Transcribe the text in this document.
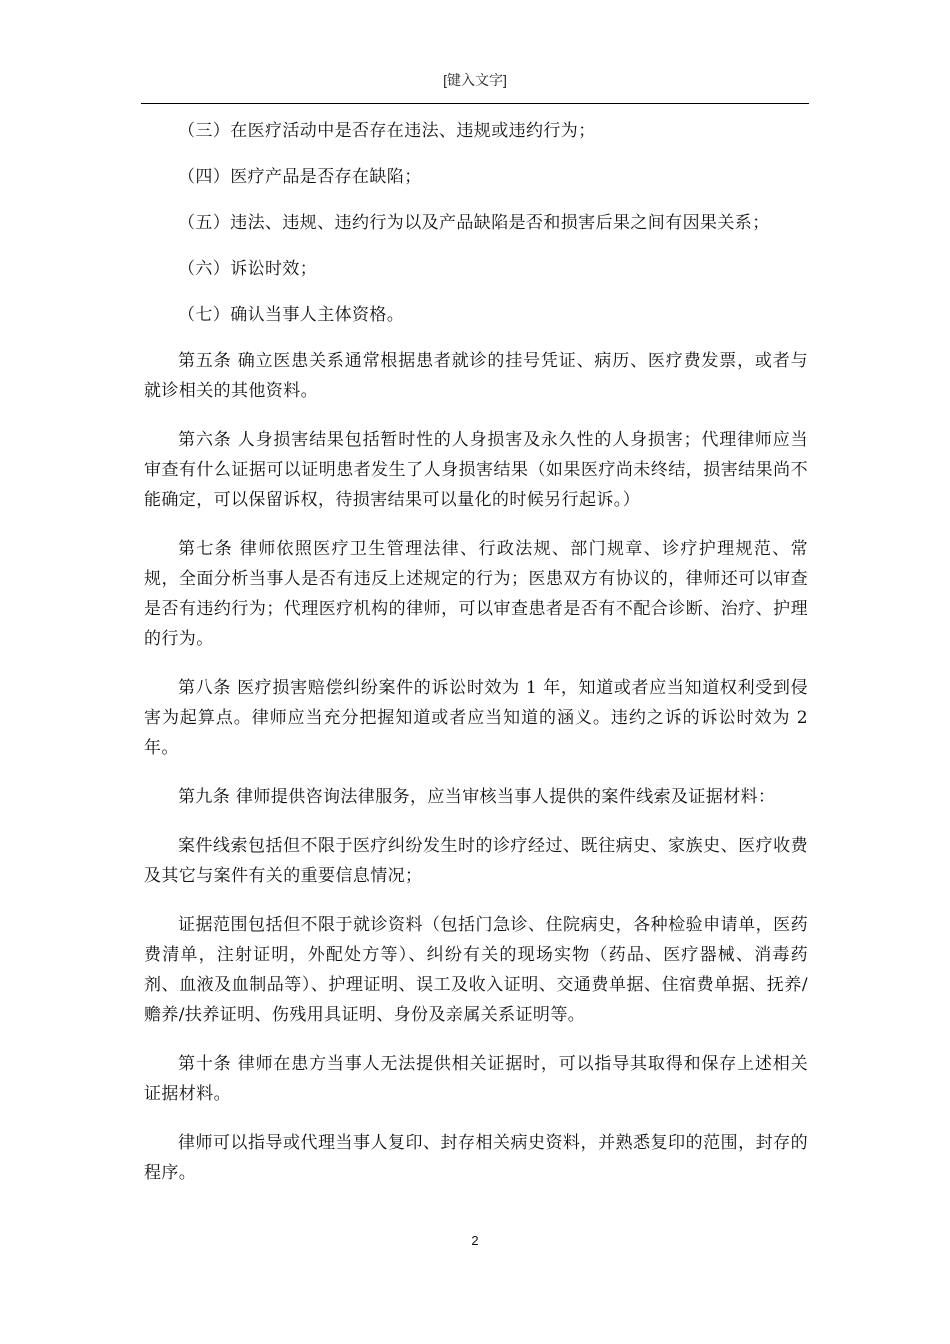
[键入文字]

（三）在医疗活动中是否存在违法、违规或违约行为；

（四）医疗产品是否存在缺陷；

（五）违法、违规、违约行为以及产品缺陷是否和损害后果之间有因果关系；

（六）诉讼时效；

（七）确认当事人主体资格。

第五条 确立医患关系通常根据患者就诊的挂号凭证、病历、医疗费发票，或者与就诊相关的其他资料。

第六条 人身损害结果包括暂时性的人身损害及永久性的人身损害；代理律师应当审查有什么证据可以证明患者发生了人身损害结果（如果医疗尚未终结，损害结果尚不能确定，可以保留诉权，待损害结果可以量化的时候另行起诉。）

第七条 律师依照医疗卫生管理法律、行政法规、部门规章、诊疗护理规范、常规，全面分析当事人是否有违反上述规定的行为；医患双方有协议的，律师还可以审查是否有违约行为；代理医疗机构的律师，可以审查患者是否有不配合诊断、治疗、护理的行为。

第八条 医疗损害赔偿纠纷案件的诉讼时效为 1 年，知道或者应当知道权利受到侵害为起算点。律师应当充分把握知道或者应当知道的涵义。违约之诉的诉讼时效为 2 年。

第九条 律师提供咨询法律服务，应当审核当事人提供的案件线索及证据材料：

案件线索包括但不限于医疗纠纷发生时的诊疗经过、既往病史、家族史、医疗收费及其它与案件有关的重要信息情况；

证据范围包括但不限于就诊资料（包括门急诊、住院病史，各种检验申请单，医药费清单，注射证明，外配处方等）、纠纷有关的现场实物（药品、医疗器械、消毒药剂、血液及血制品等）、护理证明、误工及收入证明、交通费单据、住宿费单据、抚养/赡养/扶养证明、伤残用具证明、身份及亲属关系证明等。

第十条 律师在患方当事人无法提供相关证据时，可以指导其取得和保存上述相关证据材料。

律师可以指导或代理当事人复印、封存相关病史资料，并熟悉复印的范围，封存的程序。

2
